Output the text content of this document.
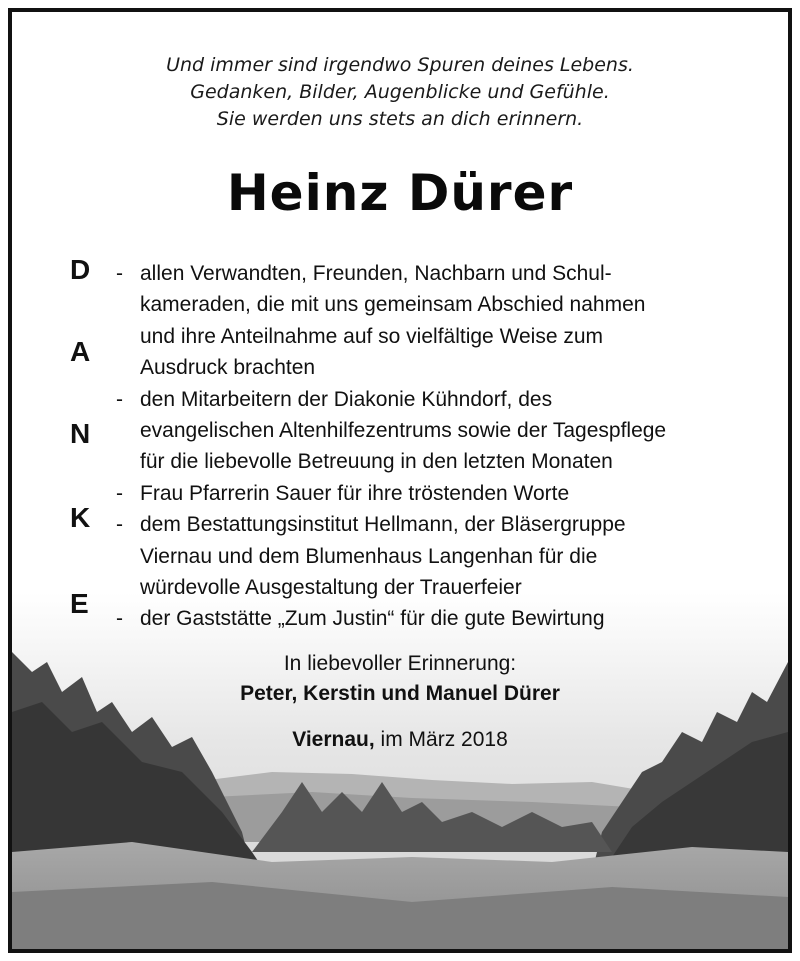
Und immer sind irgendwo Spuren deines Lebens.
Gedanken, Bilder, Augenblicke und Gefühle.
Sie werden uns stets an dich erinnern.
Heinz Dürer
D
A
N
K
E
- allen Verwandten, Freunden, Nachbarn und Schul-
kameraden, die mit uns gemeinsam Abschied nahmen
und ihre Anteilnahme auf so vielfältige Weise zum
Ausdruck brachten
- den Mitarbeitern der Diakonie Kühndorf, des
evangelischen Altenhilfezentrums sowie der Tagespflege
für die liebevolle Betreuung in den letzten Monaten
- Frau Pfarrerin Sauer für ihre tröstenden Worte
- dem Bestattungsinstitut Hellmann, der Bläsergruppe
Viernau und dem Blumenhaus Langenhan für die
würdevolle Ausgestaltung der Trauerfeier
- der Gaststätte „Zum Justin“ für die gute Bewirtung
In liebevoller Erinnerung:
Peter, Kerstin und Manuel Dürer
Viernau, im März 2018
